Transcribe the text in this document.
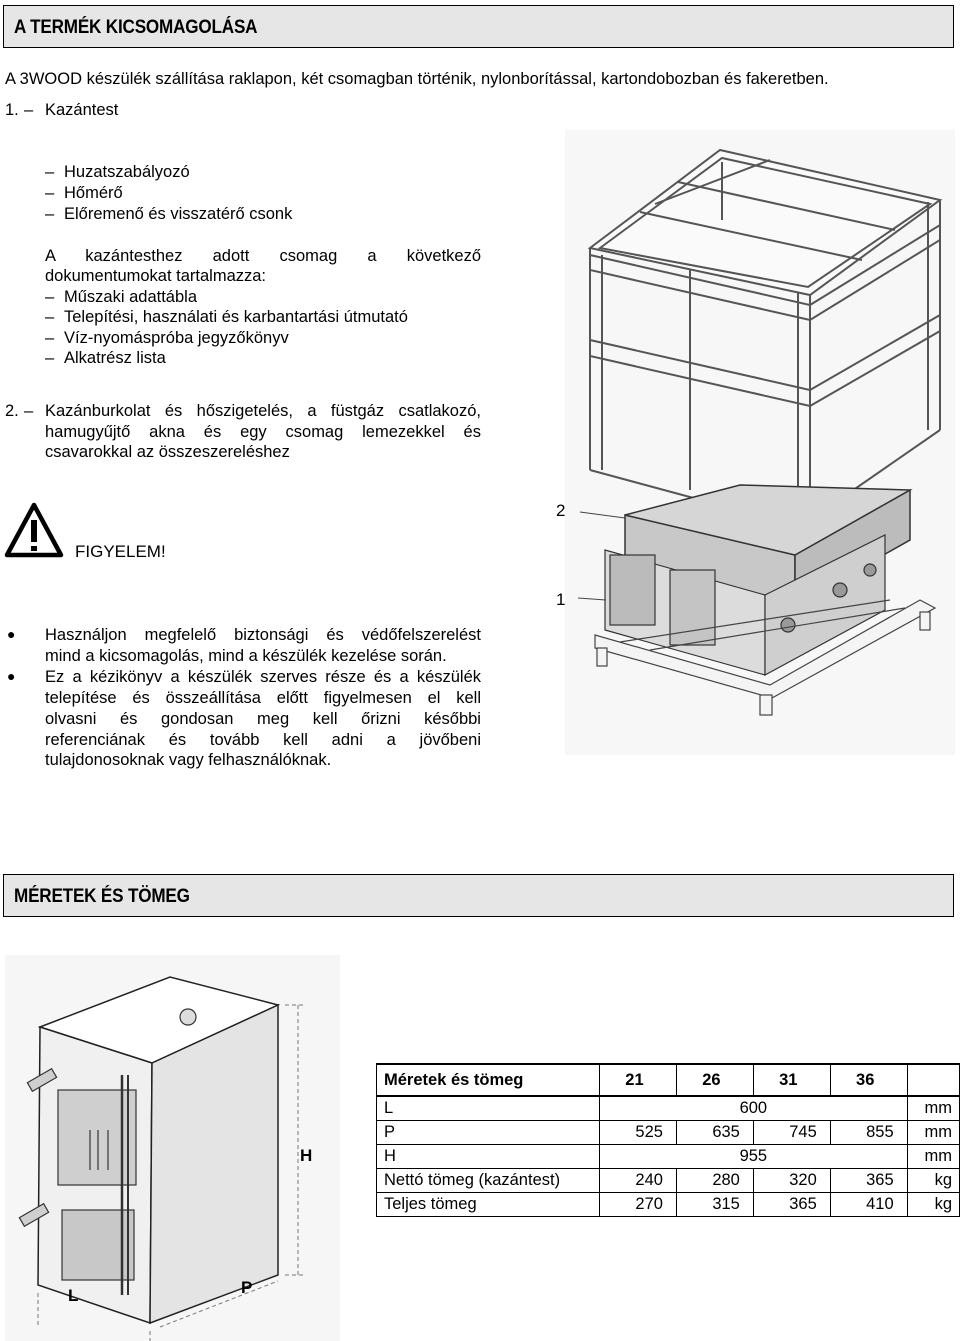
A TERMÉK KICSOMAGOLÁSA
A 3WOOD készülék szállítása raklapon, két csomagban történik, nylonborítással, kartondobozban és fakeretben.
1. – Kazántest
– Huzatszabályozó
– Hőmérő
– Előremenő és visszatérő csonk
A kazántesthez adott csomag a következő
dokumentumokat tartalmazza:
– Műszaki adattábla
– Telepítési, használati és karbantartási útmutató
– Víz-nyomáspróba jegyzőkönyv
– Alkatrész lista
2. – Kazánburkolat és hőszigetelés, a füstgáz csatlakozó,
hamugyűjtő akna és egy csomag lemezekkel és
csavarokkal az összeszereléshez
FIGYELEM!
● Használjon megfelelő biztonsági és védőfelszerelést
mind a kicsomagolás, mind a készülék kezelése során.
● Ez a kézikönyv a készülék szerves része és a készülék
telepítése és összeállítása előtt figyelmesen el kell
olvasni és gondosan meg kell őrizni későbbi
referenciának és tovább kell adni a jövőbeni
tulajdonosoknak vagy felhasználóknak.
2
1
MÉRETEK ÉS TÖMEG
H
L	P
Méretek és tömeg	21	26	31	36	
L	600				mm
P	525	635	745	855	mm
H	955				mm
Nettó tömeg (kazántest)	240	280	320	365	kg
Teljes tömeg	270	315	365	410	kg
